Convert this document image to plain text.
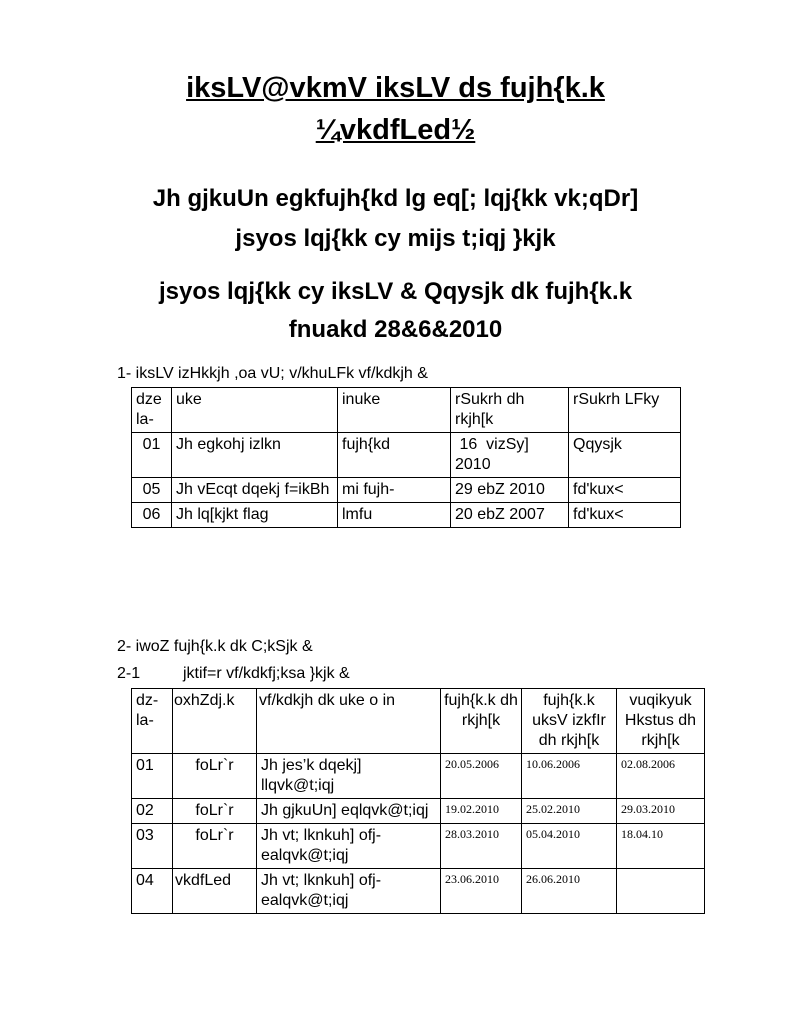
iksLV@vkmV iksLV ds fujh{k.k
¼vkdfLed½
Jh gjkuUn egkfujh{kd lg eq[; lqj{kk vk;qDr]
jsyos lqj{kk cy mijs t;iqj }kjk
jsyos lqj{kk cy iksLV & Qqysjk dk fujh{k.k
fnuakd 28&6&2010
1- iksLV izHkkjh ,oa vU; v/khuLFk vf/kdkjh &
dze la-	uke	inuke	rSukrh dh rkjh[k	rSukrh LFky
01	Jh egkohj izlkn	fujh{kd	16  vizSy] 2010	Qqysjk
05	Jh vEcqt dqekj f=ikBh	mi fujh-	29 ebZ 2010	fd'kux<
06	Jh lq[kjkt flag	lmfu	20 ebZ 2007	fd'kux<
2- iwoZ fujh{k.k dk C;kSjk &
2-1	jktif=r vf/kdkfj;ksa }kjk &
dz- la-	oxhZdj.k	vf/kdkjh dk uke o in	fujh{k.k dh rkjh[k	fujh{k.k uksV izkfIr dh rkjh[k	vuqikyuk Hkstus dh rkjh[k
01	foLr`r	Jh jes’k dqekj] llqvk@t;iqj	20.05.2006	10.06.2006	02.08.2006
02	foLr`r	Jh gjkuUn] eqlqvk@t;iqj	19.02.2010	25.02.2010	29.03.2010
03	foLr`r	Jh vt; lknkuh] ofj- ealqvk@t;iqj	28.03.2010	05.04.2010	18.04.10
04	vkdfLed	Jh vt; lknkuh] ofj- ealqvk@t;iqj	23.06.2010	26.06.2010	
